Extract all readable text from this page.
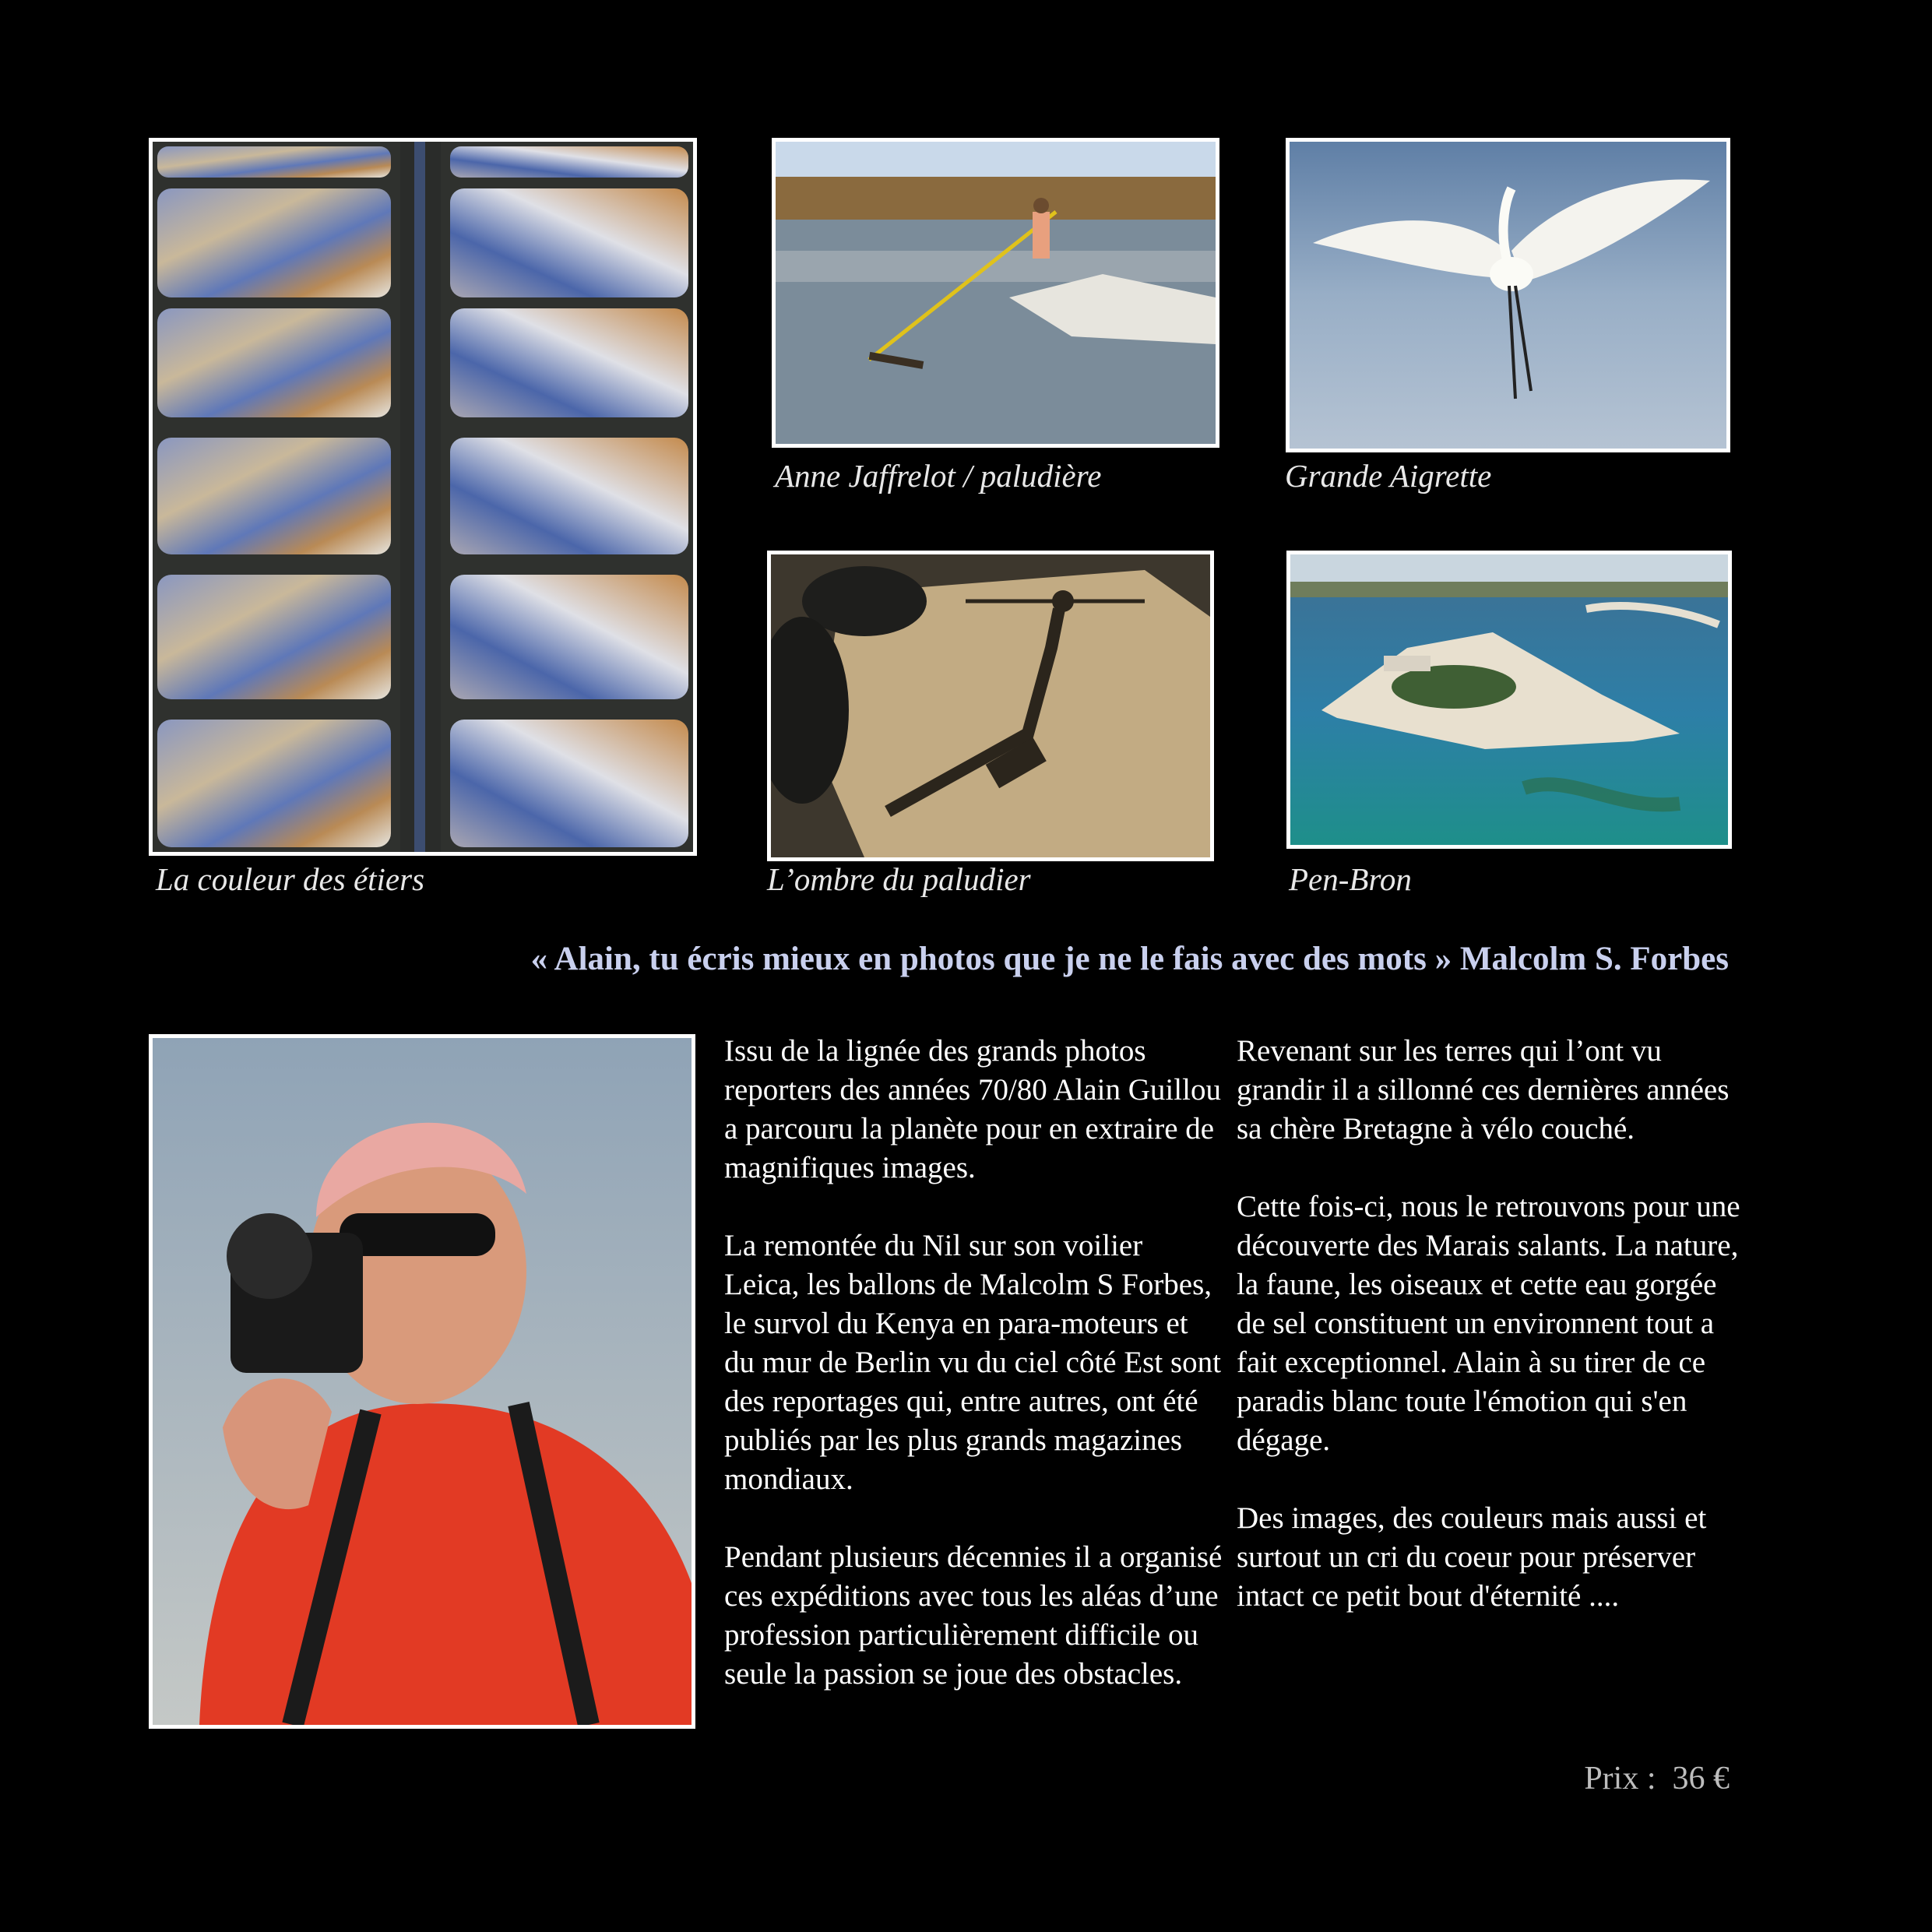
La couleur des étiers
Anne Jaffrelot / paludière	Grande Aigrette
L’ombre du paludier	Pen-Bron
« Alain, tu écris mieux en photos que je ne le fais avec des mots » Malcolm S. Forbes

Issu de la lignée des grands photos reporters des années 70/80 Alain Guillou a parcouru la planète pour en extraire de magnifiques images.

La remontée du Nil sur son voilier Leica, les ballons de Malcolm S Forbes, le survol du Kenya en para-moteurs et du mur de Berlin vu du ciel côté Est sont des reportages qui, entre autres, ont été publiés par les plus grands magazines mondiaux.

Pendant plusieurs décennies il a organisé ces expéditions avec tous les aléas d’une profession particulièrement difficile ou seule la passion se joue des obstacles.

Revenant sur les terres qui l’ont vu grandir il a sillonné ces dernières années sa chère Bretagne à vélo couché.

Cette fois-ci, nous le retrouvons pour une découverte des Marais salants. La nature, la faune, les oiseaux et cette eau gorgée de sel constituent un environnent tout a fait exceptionnel. Alain à su tirer de ce paradis blanc toute l'émotion qui s'en dégage.

Des images, des couleurs mais aussi et surtout un cri du coeur pour préserver intact ce petit bout d'éternité ....

Prix :  36 €
